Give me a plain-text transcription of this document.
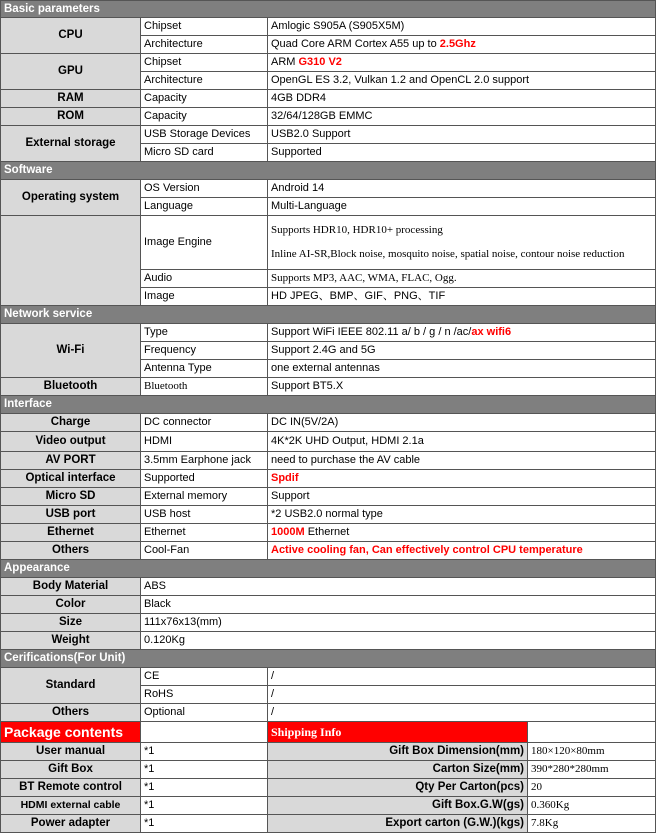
Basic parameters			
CPU	Chipset	Amlogic S905A (S905X5M)	
	Architecture	Quad Core ARM Cortex A55 up to 2.5Ghz	
GPU	Chipset	ARM G310 V2	
	Architecture	OpenGL ES 3.2, Vulkan 1.2 and OpenCL 2.0 support	
RAM	Capacity	4GB DDR4	
ROM	Capacity	32/64/128GB EMMC	
External storage	USB Storage Devices	USB2.0 Support	
	Micro SD card	Supported	
Software			
Operating system	OS Version	Android 14	
	Language	Multi-Language	
	Image Engine	Supports HDR10, HDR10+ processing
Inline AI-SR,Block noise, mosquito noise, spatial noise, contour noise reduction	

	Audio	Supports MP3, AAC, WMA, FLAC, Ogg.	
	Image	HD JPEG、BMP、GIF、PNG、TIF	
Network service			
Wi-Fi	Type	Support WiFi IEEE 802.11 a/ b / g / n /ac/ax wifi6	
	Frequency	Support 2.4G and 5G	
	Antenna Type	one external antennas	
Bluetooth	Bluetooth	Support BT5.X	
Interface			
Charge	DC connector	DC IN(5V/2A)	
Video output	HDMI	4K*2K UHD Output, HDMI 2.1a	
AV PORT	3.5mm Earphone jack	need to purchase the AV cable	
Optical interface	Supported	Spdif	
Micro SD	External memory	Support	
USB port	USB host	*2 USB2.0 normal type	
Ethernet	Ethernet	1000M Ethernet	
Others	Cool-Fan	Active cooling fan, Can effectively control CPU temperature	
Appearance			
Body Material	ABS		
Color	Black		
Size	111x76x13(mm)		
Weight	0.120Kg		
Cerifications(For Unit)			
Standard	CE	/	
	RoHS	/	
Others	Optional	/	
Package contents		Shipping Info	
User manual	*1	Gift Box Dimension(mm)	180×120×80mm
Gift Box	*1	Carton Size(mm)	390*280*280mm
BT Remote control	*1	Qty Per Carton(pcs)	20
HDMI external cable	*1	Gift Box.G.W(gs)	0.360Kg
Power adapter	*1	Export carton (G.W.)(kgs)	7.8Kg
